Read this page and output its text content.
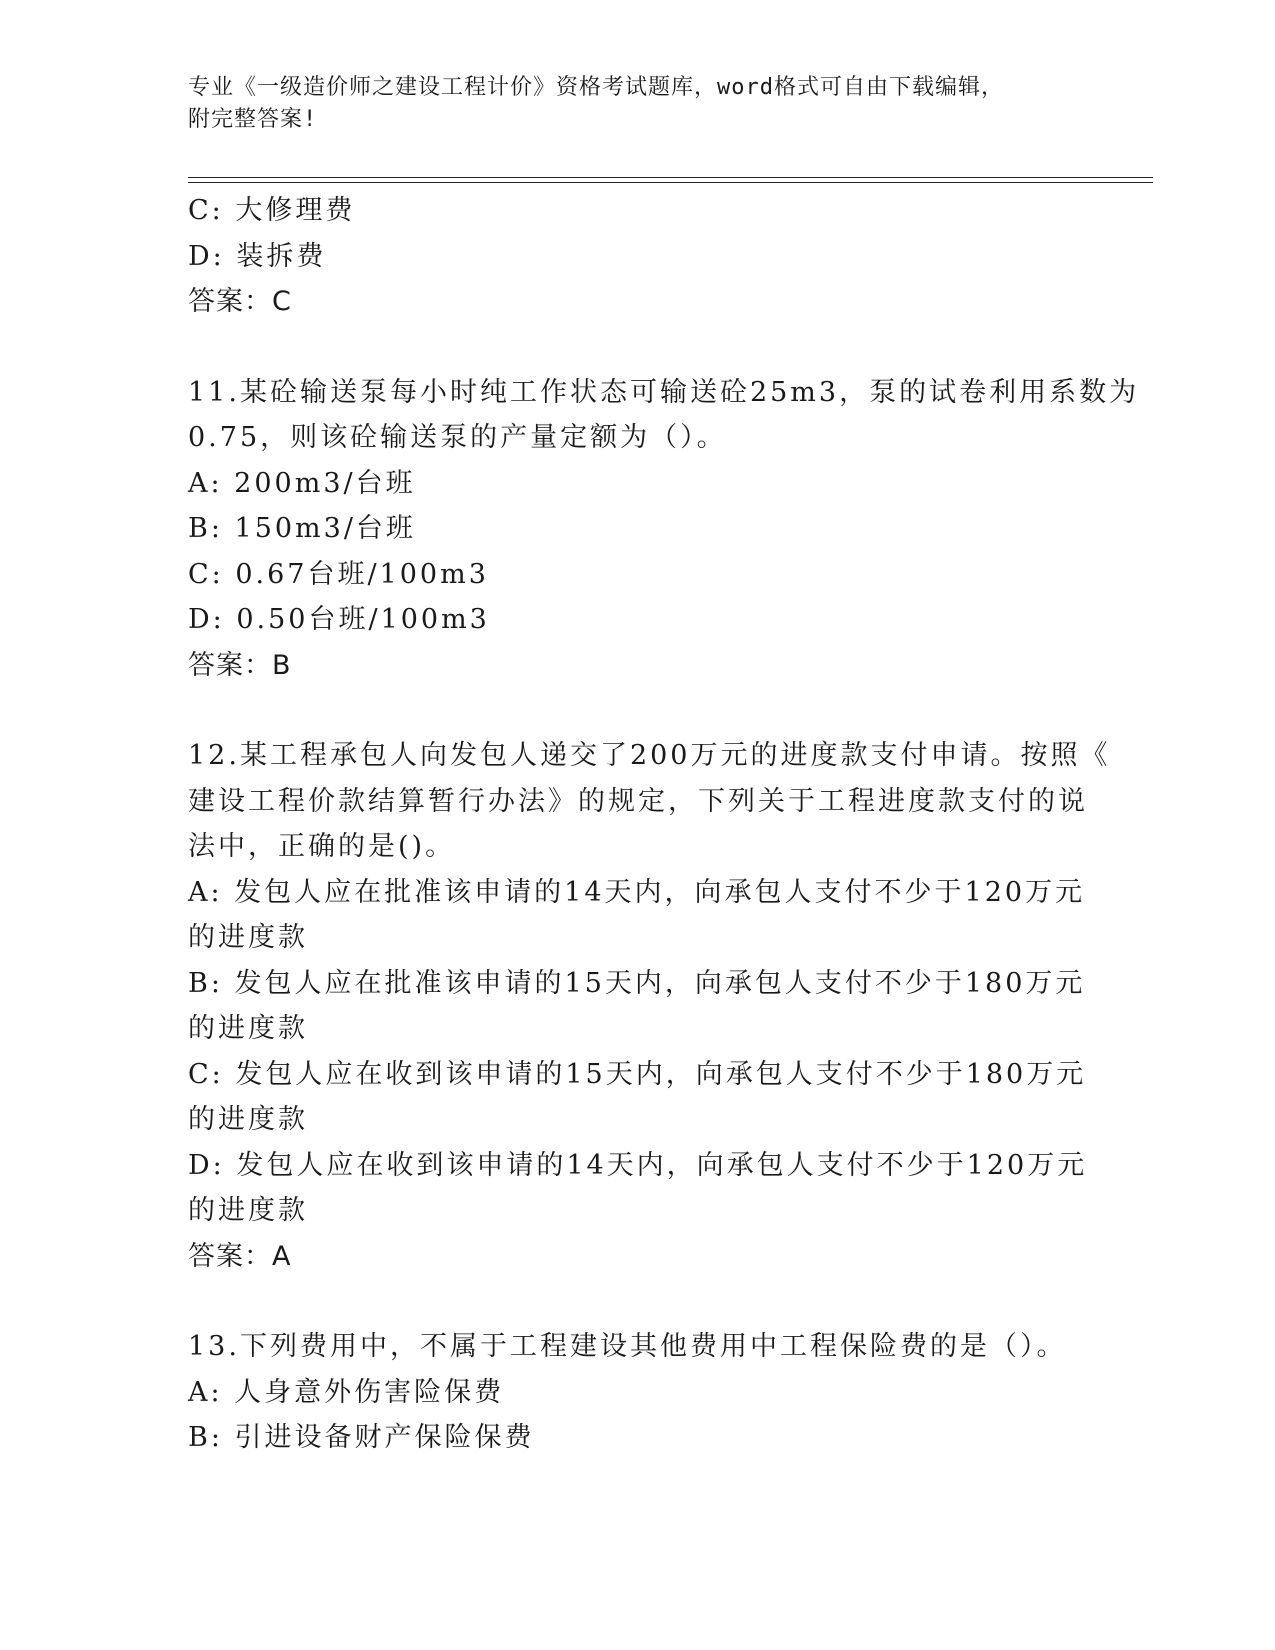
专业《一级造价师之建设工程计价》资格考试题库，word格式可自由下载编辑，
附完整答案!
C: 大修理费
D: 装拆费
答案：C
11.某砼输送泵每小时纯工作状态可输送砼25m3，泵的试卷利用系数为
0.75，则该砼输送泵的产量定额为（）。
A: 200m3/台班
B: 150m3/台班
C: 0.67台班/100m3
D: 0.50台班/100m3
答案：B
12.某工程承包人向发包人递交了200万元的进度款支付申请。按照《
建设工程价款结算暂行办法》的规定，下列关于工程进度款支付的说
法中，正确的是()。
A: 发包人应在批准该申请的14天内，向承包人支付不少于120万元
的进度款
B: 发包人应在批准该申请的15天内，向承包人支付不少于180万元
的进度款
C: 发包人应在收到该申请的15天内，向承包人支付不少于180万元
的进度款
D: 发包人应在收到该申请的14天内，向承包人支付不少于120万元
的进度款
答案：A
13.下列费用中，不属于工程建设其他费用中工程保险费的是（）。
A: 人身意外伤害险保费
B: 引进设备财产保险保费
